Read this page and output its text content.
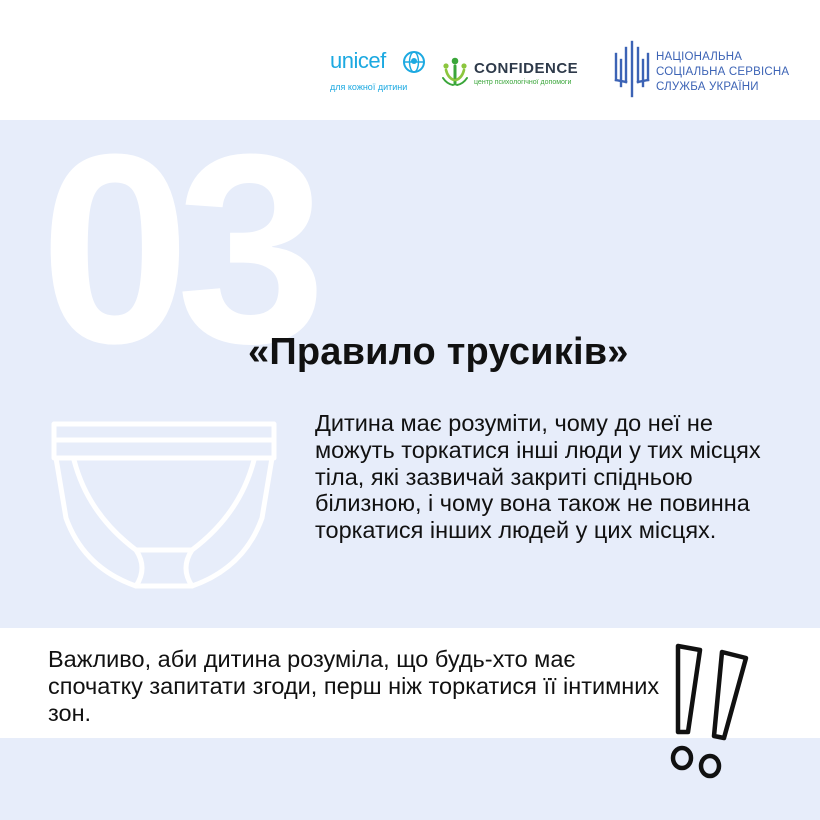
unicef
для кожної дитини
CONFIDENCE
центр психологічної допомоги
НАЦІОНАЛЬНА
СОЦІАЛЬНА СЕРВІСНА
СЛУЖБА УКРАЇНИ
03
«Правило трусиків»
Дитина має розуміти, чому до неї не можуть торкатися інші люди у тих місцях тіла, які зазвичай закриті спідньою білизною, і чому вона також не повинна торкатися інших людей у цих місцях.
Важливо, аби дитина розуміла, що будь-хто має спочатку запитати згоди, перш ніж торкатися її інтимних зон.
